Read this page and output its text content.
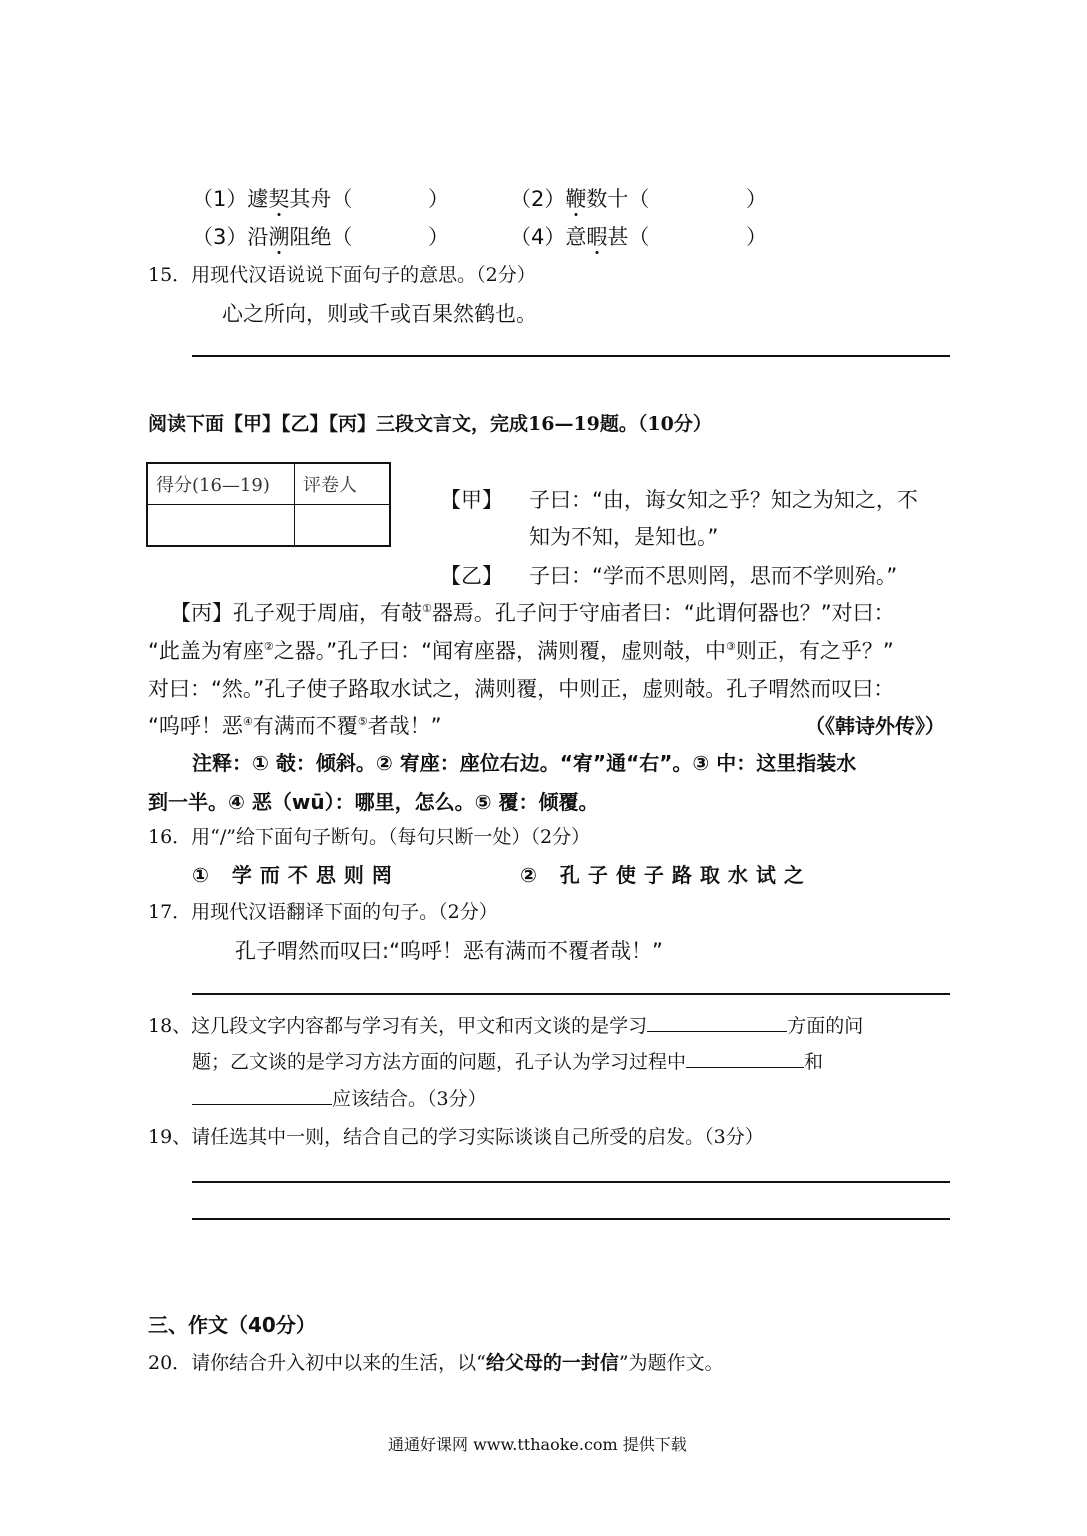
（1）遽契其舟（	）	（2）鞭数十（	）
（3）沿溯阻绝（	）	（4）意暇甚（	）
15．用现代汉语说说下面句子的意思。（2分）
心之所向，则或千或百果然鹤也。
阅读下面【甲】【乙】【丙】三段文言文，完成16—19题。（10分）
得分(16—19)	评卷人

【甲】 子曰：“由，诲女知之乎？知之为知之，不
知为不知，是知也。”
【乙】 子曰：“学而不思则罔，思而不学则殆。”
【丙】孔子观于周庙，有攲①器焉。孔子问于守庙者曰：“此谓何器也？”对曰：
“此盖为宥座②之器。”孔子曰：“闻宥座器，满则覆，虚则攲，中③则正，有之乎？”
对曰：“然。”孔子使子路取水试之，满则覆，中则正，虚则攲。孔子喟然而叹曰：
“呜呼！恶④有满而不覆⑤者哉！”	（《韩诗外传》）
注释：① 攲：倾斜。② 宥座：座位右边。“宥”通“右”。③ 中：这里指装水
到一半。④ 恶（wū）：哪里，怎么。⑤ 覆：倾覆。
16．用“/”给下面句子断句。（每句只断一处）（2分）
① 学而不思则罔	② 孔子使子路取水试之
17．用现代汉语翻译下面的句子。（2分）
孔子喟然而叹曰:“呜呼！恶有满而不覆者哉！”
18、这几段文字内容都与学习有关，甲文和丙文谈的是学习	方面的问
题；乙文谈的是学习方法方面的问题，孔子认为学习过程中	和
应该结合。（3分）
19、请任选其中一则，结合自己的学习实际谈谈自己所受的启发。（3分）
三、作文（40分）
20．请你结合升入初中以来的生活，以“给父母的一封信”为题作文。
通通好课网 www.tthaoke.com 提供下载
